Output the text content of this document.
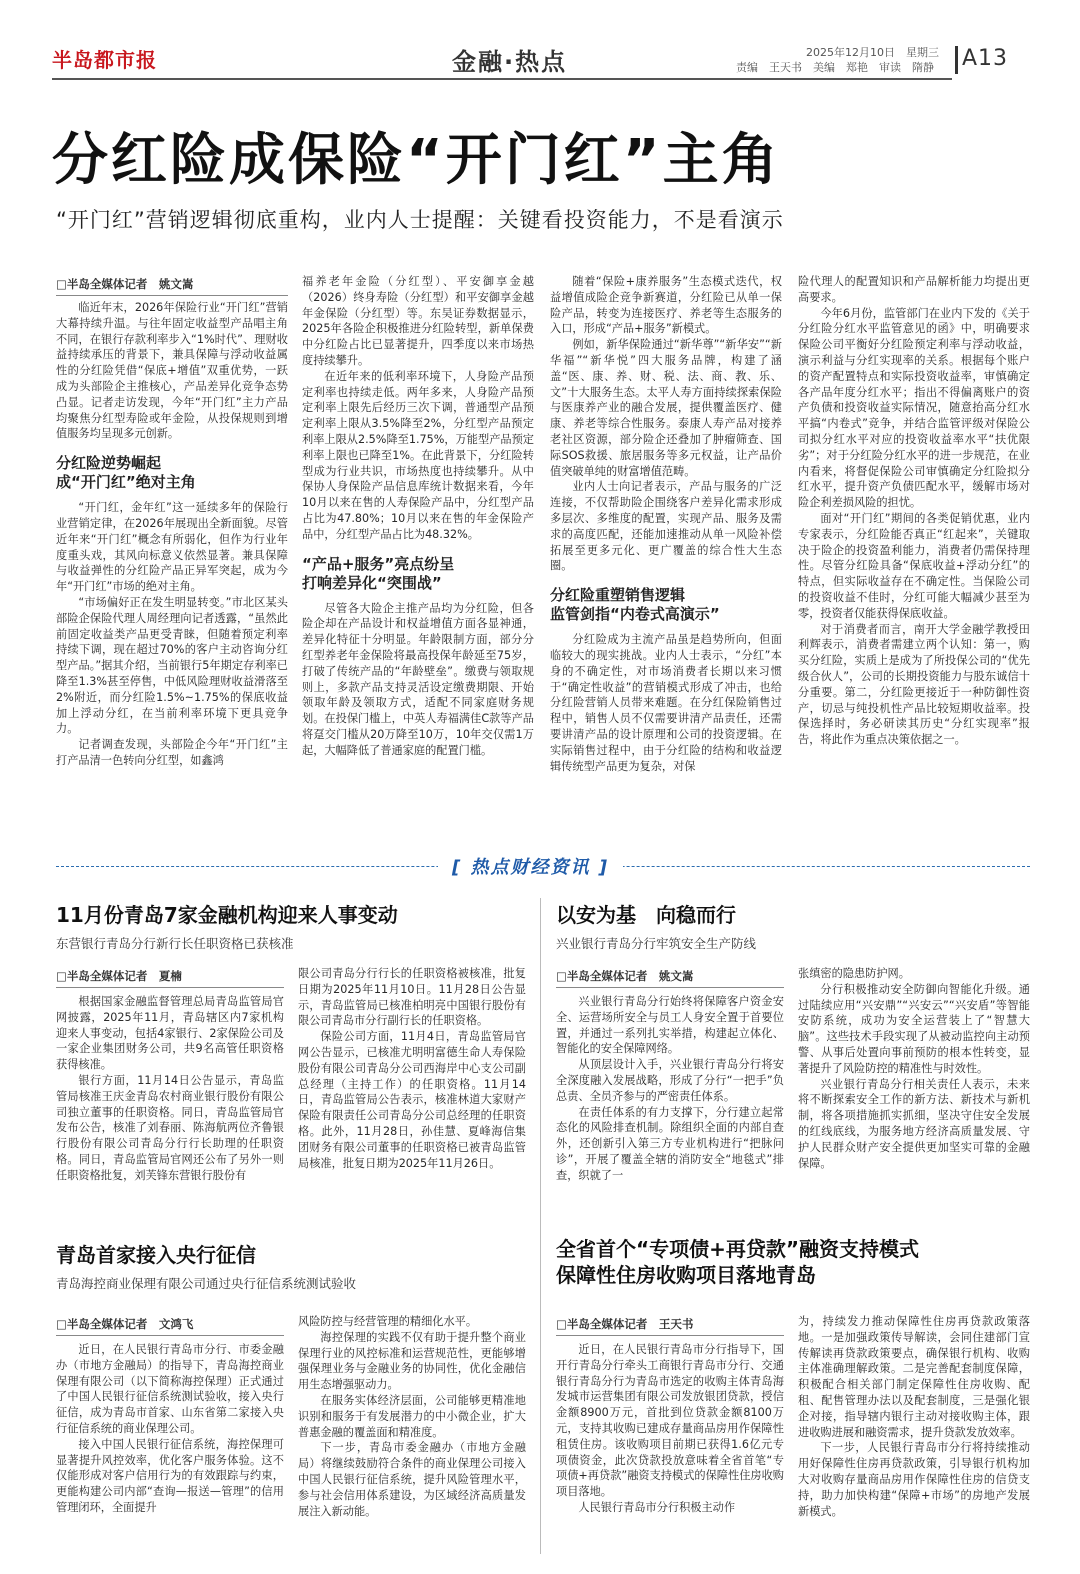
半岛都市报	金融·热点	2025年12月10日　星期三
责编　王天书　美编　郑艳　审读　隋静 A13
分红险成保险“开门红”主角
“开门红”营销逻辑彻底重构，业内人士提醒：关键看投资能力，不是看演示
□半岛全媒体记者　姚文嵩

临近年末，2026年保险行业“开门红”营销大幕持续升温。与往年固定收益型产品唱主角不同，在银行存款利率步入“1%时代”、理财收益持续承压的背景下，兼具保障与浮动收益属性的分红险凭借“保底+增值”双重优势，一跃成为头部险企主推核心，产品差异化竞争态势凸显。记者走访发现，今年“开门红”主力产品均聚焦分红型寿险或年金险，从投保规则到增值服务均呈现多元创新。

分红险逆势崛起
成“开门红”绝对主角

“开门红，金年红”这一延续多年的保险行业营销定律，在2026年展现出全新面貌。尽管近年来“开门红”概念有所弱化，但作为行业年度重头戏，其风向标意义依然显著。兼具保障与收益弹性的分红险产品正异军突起，成为今年“开门红”市场的绝对主角。

“市场偏好正在发生明显转变。”市北区某头部险企保险代理人周经理向记者透露，“虽然此前固定收益类产品更受青睐，但随着预定利率持续下调，现在超过70%的客户主动咨询分红型产品。”据其介绍，当前银行5年期定存利率已降至1.3%甚至停售，中低风险理财收益滑落至2%附近，而分红险1.5%~1.75%的保底收益加上浮动分红，在当前利率环境下更具竞争力。

记者调查发现，头部险企今年“开门红”主打产品清一色转向分红型，如鑫鸿

福养老年金险（分红型）、平安御享金越（2026）终身寿险（分红型）和平安御享金越年金保险（分红型）等。东吴证券数据显示，2025年各险企积极推进分红险转型，新单保费中分红险占比已显著提升，四季度以来市场热度持续攀升。

在近年来的低利率环境下，人身险产品预定利率也持续走低。两年多来，人身险产品预定利率上限先后经历三次下调，普通型产品预定利率上限从3.5%降至2%，分红型产品预定利率上限从2.5%降至1.75%，万能型产品预定利率上限也已降至1%。在此背景下，分红险转型成为行业共识，市场热度也持续攀升。从中保协人身保险产品信息库统计数据来看，今年10月以来在售的人寿保险产品中，分红型产品占比为47.80%；10月以来在售的年金保险产品中，分红型产品占比为48.32%。

“产品+服务”亮点纷呈
打响差异化“突围战”

尽管各大险企主推产品均为分红险，但各险企却在产品设计和权益增值方面各显神通，差异化特征十分明显。年龄限制方面，部分分红型养老年金保险将最高投保年龄延至75岁，打破了传统产品的“年龄壁垒”。缴费与领取规则上，多款产品支持灵活设定缴费期限、开始领取年龄及领取方式，适配不同家庭财务规划。在投保门槛上，中英人寿福满佳C款等产品将趸交门槛从20万降至10万，10年交仅需1万起，大幅降低了普通家庭的配置门槛。

随着“保险+康养服务”生态模式迭代，权益增值成险企竞争新赛道，分红险已从单一保险产品，转变为连接医疗、养老等生态服务的入口，形成“产品+服务”新模式。

例如，新华保险通过“新华尊”“新华安”“新华福”“新华悦”四大服务品牌，构建了涵盖“医、康、养、财、税、法、商、教、乐、文”十大服务生态。太平人寿方面持续探索保险与医康养产业的融合发展，提供覆盖医疗、健康、养老等综合性服务。泰康人寿产品对接养老社区资源，部分险企还叠加了肿瘤筛查、国际SOS救援、旅居服务等多元权益，让产品价值突破单纯的财富增值范畴。

业内人士向记者表示，产品与服务的广泛连接，不仅帮助险企围绕客户差异化需求形成多层次、多维度的配置，实现产品、服务及需求的高度匹配，还能加速推动从单一风险补偿拓展至更多元化、更广覆盖的综合性大生态圈。

分红险重塑销售逻辑
监管剑指“内卷式高演示”

分红险成为主流产品虽是趋势所向，但面临较大的现实挑战。业内人士表示，“分红”本身的不确定性，对市场消费者长期以来习惯于“确定性收益”的营销模式形成了冲击，也给分红险营销人员带来难题。在分红保险销售过程中，销售人员不仅需要讲清产品责任，还需要讲清产品的设计原理和公司的投资逻辑。在实际销售过程中，由于分红险的结构和收益逻辑传统型产品更为复杂，对保

险代理人的配置知识和产品解析能力均提出更高要求。

今年6月份，监管部门在业内下发的《关于分红险分红水平监管意见的函》中，明确要求保险公司平衡好分红险预定利率与浮动收益，演示利益与分红实现率的关系。根据每个账户的资产配置特点和实际投资收益率，审慎确定各产品年度分红水平；指出不得偏离账户的资产负债和投资收益实际情况，随意抬高分红水平搞“内卷式”竞争，并结合监管评级对保险公司拟分红水平对应的投资收益率水平“扶优限劣”；对于分红险分红水平的进一步规范，在业内看来，将督促保险公司审慎确定分红险拟分红水平，提升资产负债匹配水平，缓解市场对险企利差损风险的担忧。

面对“开门红”期间的各类促销优惠，业内专家表示，分红险能否真正“红起来”，关键取决于险企的投资盈利能力，消费者仍需保持理性。尽管分红险具备“保底收益+浮动分红”的特点，但实际收益存在不确定性。当保险公司的投资收益不佳时，分红可能大幅减少甚至为零，投资者仅能获得保底收益。

对于消费者而言，南开大学金融学教授田利辉表示，消费者需建立两个认知：第一，购买分红险，实质上是成为了所投保公司的“优先级合伙人”，公司的长期投资能力与股东诚信十分重要。第二，分红险更接近于一种防御性资产，切忌与纯投机性产品比较短期收益率。投保选择时，务必研读其历史“分红实现率”报告，将此作为重点决策依据之一。

[ 热点财经资讯 ]
11月份青岛7家金融机构迎来人事变动
东营银行青岛分行新行长任职资格已获核准
□半岛全媒体记者　夏楠

根据国家金融监督管理总局青岛监管局官网披露，2025年11月，青岛辖区内7家机构迎来人事变动，包括4家银行、2家保险公司及一家企业集团财务公司，共9名高管任职资格获得核准。

银行方面，11月14日公告显示，青岛监管局核准王庆金青岛农村商业银行股份有限公司独立董事的任职资格。同日，青岛监管局官发布公告，核准了刘春丽、陈海航两位齐鲁银行股份有限公司青岛分行行长助理的任职资格。同日，青岛监管局官网还公布了另外一则任职资格批复，刘芙锋东营银行股份有

限公司青岛分行行长的任职资格被核准，批复日期为2025年11月10日。11月28日公告显示，青岛监管局已核准柏明亮中国银行股份有限公司青岛市分行副行长的任职资格。

保险公司方面，11月4日，青岛监管局官网公告显示，已核准尤明明富德生命人寿保险股份有限公司青岛分公司西海岸中心支公司副总经理（主持工作）的任职资格。11月14日，青岛监管局公告表示，核准林道大家财产保险有限责任公司青岛分公司总经理的任职资格。此外，11月28日，孙佳慧、夏峰海信集团财务有限公司董事的任职资格已被青岛监管局核准，批复日期为2025年11月26日。

以安为基　向稳而行
兴业银行青岛分行牢筑安全生产防线
□半岛全媒体记者　姚文嵩

兴业银行青岛分行始终将保障客户资金安全、运营场所安全与员工人身安全置于首要位置，并通过一系列扎实举措，构建起立体化、智能化的安全保障网络。

从顶层设计入手，兴业银行青岛分行将安全深度融入发展战略，形成了分行“一把手”负总责、全员齐参与的严密责任体系。

在责任体系的有力支撑下，分行建立起常态化的风险排查机制。除组织全面的内部自查外，还创新引入第三方专业机构进行“把脉问诊”，开展了覆盖全辖的消防安全“地毯式”排查，织就了一

张缜密的隐患防护网。

分行积极推动安全防御向智能化升级。通过陆续应用“兴安鼎”“兴安云”“兴安盾”等智能安防系统，成功为安全运营装上了“智慧大脑”。这些技术手段实现了从被动监控向主动预警、从事后处置向事前预防的根本性转变，显著提升了风险防控的精准性与时效性。

兴业银行青岛分行相关责任人表示，未来将不断探索安全工作的新方法、新技术与新机制，将各项措施抓实抓细，坚决守住安全发展的红线底线，为服务地方经济高质量发展、守护人民群众财产安全提供更加坚实可靠的金融保障。

青岛首家接入央行征信
青岛海控商业保理有限公司通过央行征信系统测试验收
□半岛全媒体记者　文鸿飞

近日，在人民银行青岛市分行、市委金融办（市地方金融局）的指导下，青岛海控商业保理有限公司（以下简称海控保理）正式通过了中国人民银行征信系统测试验收，接入央行征信，成为青岛市首家、山东省第二家接入央行征信系统的商业保理公司。

接入中国人民银行征信系统，海控保理可显著提升风控效率，优化客户服务体验。这不仅能形成对客户信用行为的有效跟踪与约束，更能构建公司内部“查询—报送—管理”的信用管理闭环，全面提升

风险防控与经营管理的精细化水平。

海控保理的实践不仅有助于提升整个商业保理行业的风控标准和运营规范性，更能够增强保理业务与金融业务的协同性，优化金融信用生态增强驱动力。

在服务实体经济层面，公司能够更精准地识别和服务于有发展潜力的中小微企业，扩大普惠金融的覆盖面和精准度。

下一步，青岛市委金融办（市地方金融局）将继续鼓励符合条件的商业保理公司接入中国人民银行征信系统，提升风险管理水平，参与社会信用体系建设，为区域经济高质量发展注入新动能。

全省首个“专项债+再贷款”融资支持模式
保障性住房收购项目落地青岛
□半岛全媒体记者　王天书

近日，在人民银行青岛市分行指导下，国开行青岛分行牵头工商银行青岛市分行、交通银行青岛分行为青岛市选定的收购主体青岛海发城市运营集团有限公司发放银团贷款，授信金额8900万元，首批到位贷款金额8100万元，支持其收购已建成存量商品房用作保障性租赁住房。该收购项目前期已获得1.6亿元专项债资金，此次贷款投放意味着全省首笔“专项债+再贷款”融资支持模式的保障性住房收购项目落地。

人民银行青岛市分行积极主动作

为，持续发力推动保障性住房再贷款政策落地。一是加强政策传导解读，会同住建部门宣传解读再贷款政策要点，确保银行机构、收购主体准确理解政策。二是完善配套制度保障，积极配合相关部门制定保障性住房收购、配租、配售管理办法以及配套制度，三是强化银企对接，指导辖内银行主动对接收购主体，跟进收购进展和融资需求，提升贷款发放效率。

下一步，人民银行青岛市分行将持续推动用好保障性住房再贷款政策，引导银行机构加大对收购存量商品房用作保障性住房的信贷支持，助力加快构建“保障+市场”的房地产发展新模式。
